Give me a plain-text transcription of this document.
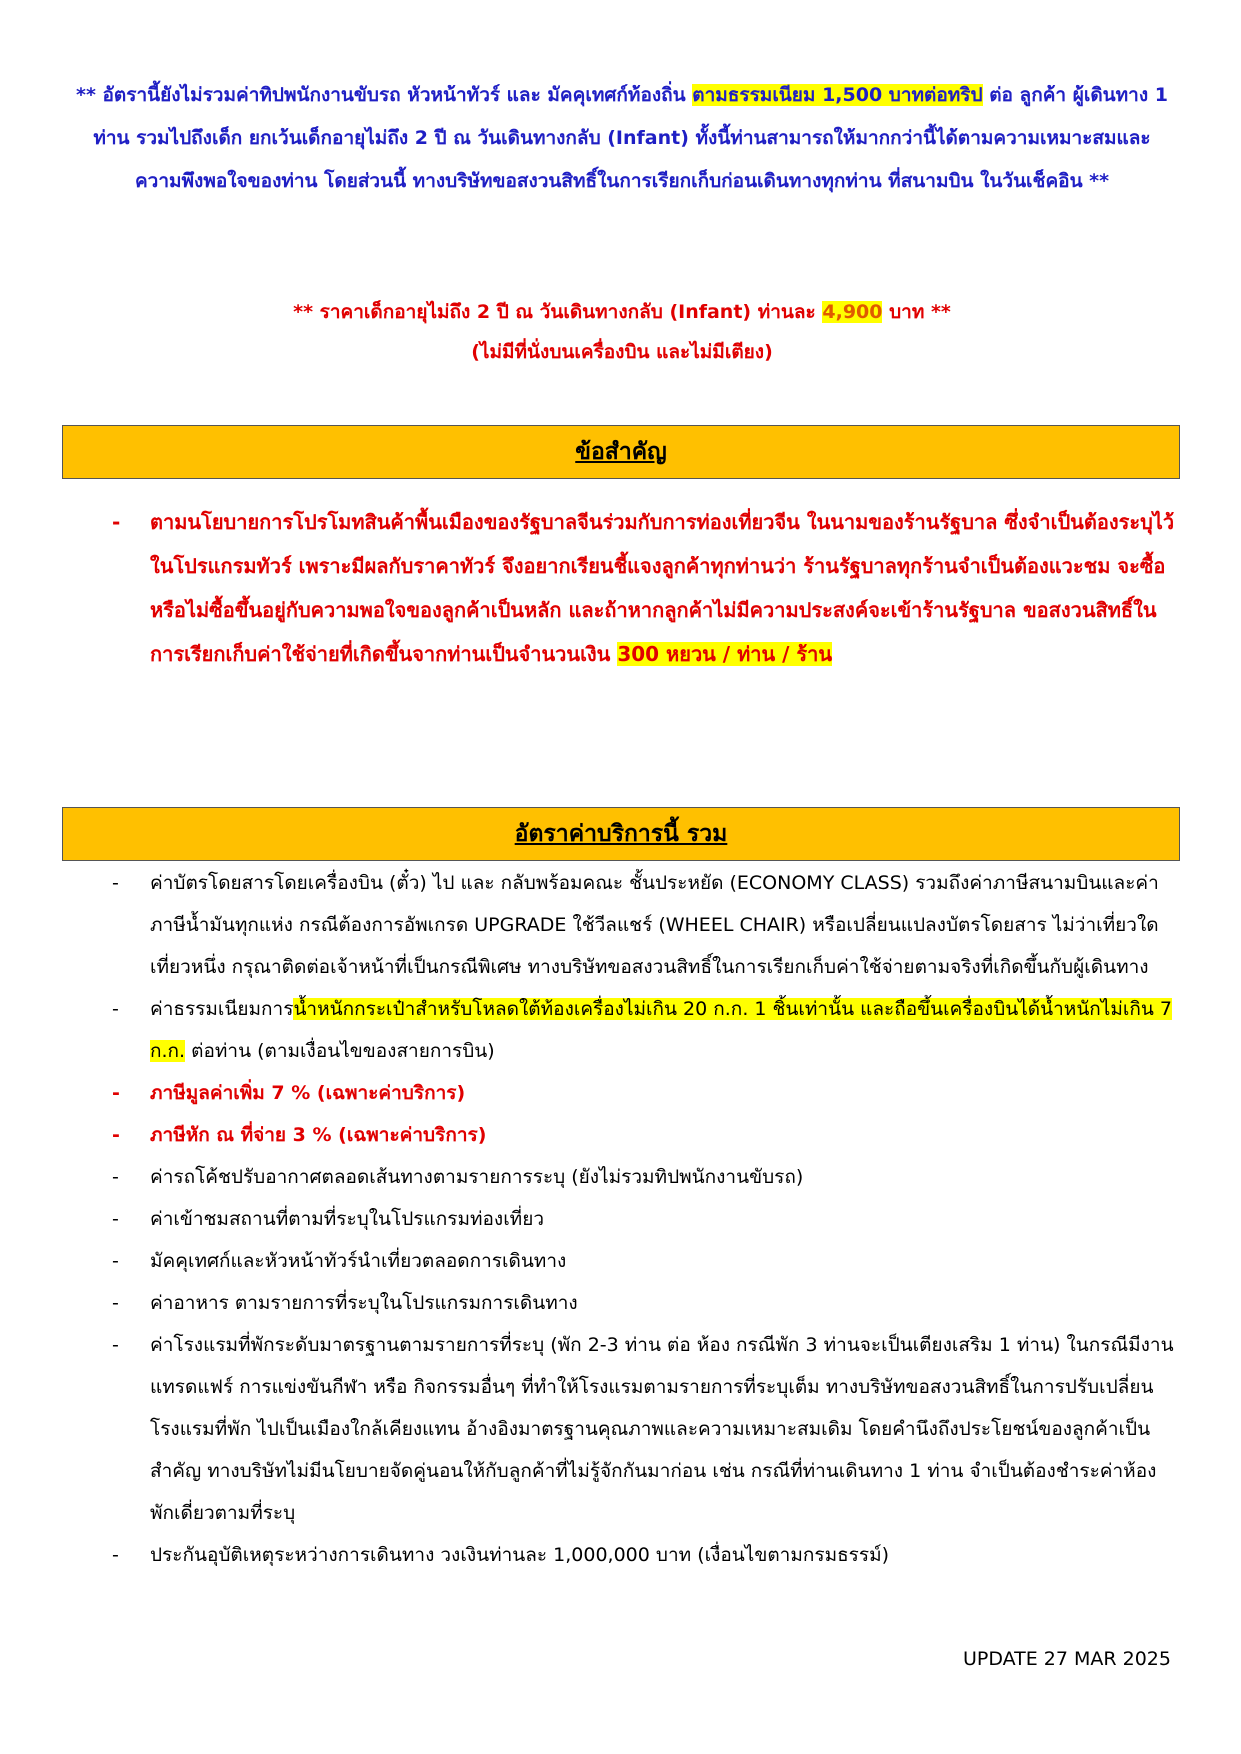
** อัตรานี้ยังไม่รวมค่าทิปพนักงานขับรถ หัวหน้าทัวร์ และ มัคคุเทศก์ท้องถิ่น ตามธรรมเนียม 1,500 บาทต่อทริป ต่อ ลูกค้า ผู้เดินทาง 1 ท่าน รวมไปถึงเด็ก ยกเว้นเด็กอายุไม่ถึง 2 ปี ณ วันเดินทางกลับ (Infant) ทั้งนี้ท่านสามารถให้มากกว่านี้ได้ตามความเหมาะสมและความพึงพอใจของท่าน โดยส่วนนี้ ทางบริษัทขอสงวนสิทธิ์ในการเรียกเก็บก่อนเดินทางทุกท่าน ที่สนามบิน ในวันเช็คอิน **
** ราคาเด็กอายุไม่ถึง 2 ปี ณ วันเดินทางกลับ (Infant) ท่านละ 4,900 บาท **
(ไม่มีที่นั่งบนเครื่องบิน และไม่มีเตียง)
ข้อสำคัญ
- ตามนโยบายการโปรโมทสินค้าพื้นเมืองของรัฐบาลจีนร่วมกับการท่องเที่ยวจีน ในนามของร้านรัฐบาล ซึ่งจำเป็นต้องระบุไว้ในโปรแกรมทัวร์ เพราะมีผลกับราคาทัวร์ จึงอยากเรียนชี้แจงลูกค้าทุกท่านว่า ร้านรัฐบาลทุกร้านจำเป็นต้องแวะชม จะซื้อหรือไม่ซื้อขึ้นอยู่กับความพอใจของลูกค้าเป็นหลัก และถ้าหากลูกค้าไม่มีความประสงค์จะเข้าร้านรัฐบาล ขอสงวนสิทธิ์ในการเรียกเก็บค่าใช้จ่ายที่เกิดขึ้นจากท่านเป็นจำนวนเงิน 300 หยวน / ท่าน / ร้าน
อัตราค่าบริการนี้ รวม
- ค่าบัตรโดยสารโดยเครื่องบิน (ตั๋ว) ไป และ กลับพร้อมคณะ ชั้นประหยัด (ECONOMY CLASS) รวมถึงค่าภาษีสนามบินและค่าภาษีน้ำมันทุกแห่ง กรณีต้องการอัพเกรด UPGRADE ใช้วีลแชร์ (WHEEL CHAIR) หรือเปลี่ยนแปลงบัตรโดยสาร ไม่ว่าเที่ยวใด เที่ยวหนึ่ง กรุณาติดต่อเจ้าหน้าที่เป็นกรณีพิเศษ ทางบริษัทขอสงวนสิทธิ์ในการเรียกเก็บค่าใช้จ่ายตามจริงที่เกิดขึ้นกับผู้เดินทาง
- ค่าธรรมเนียมการน้ำหนักกระเป๋าสำหรับโหลดใต้ท้องเครื่องไม่เกิน 20 ก.ก. 1 ชิ้นเท่านั้น และถือขึ้นเครื่องบินได้น้ำหนักไม่เกิน 7 ก.ก. ต่อท่าน (ตามเงื่อนไขของสายการบิน)
- ภาษีมูลค่าเพิ่ม 7 % (เฉพาะค่าบริการ)
- ภาษีหัก ณ ที่จ่าย 3 % (เฉพาะค่าบริการ)
- ค่ารถโค้ชปรับอากาศตลอดเส้นทางตามรายการระบุ (ยังไม่รวมทิปพนักงานขับรถ)
- ค่าเข้าชมสถานที่ตามที่ระบุในโปรแกรมท่องเที่ยว
- มัคคุเทศก์และหัวหน้าทัวร์นำเที่ยวตลอดการเดินทาง
- ค่าอาหาร ตามรายการที่ระบุในโปรแกรมการเดินทาง
- ค่าโรงแรมที่พักระดับมาตรฐานตามรายการที่ระบุ (พัก 2-3 ท่าน ต่อ ห้อง กรณีพัก 3 ท่านจะเป็นเตียงเสริม 1 ท่าน) ในกรณีมีงานแทรดแฟร์ การแข่งขันกีฬา หรือ กิจกรรมอื่นๆ ที่ทำให้โรงแรมตามรายการที่ระบุเต็ม ทางบริษัทขอสงวนสิทธิ์ในการปรับเปลี่ยนโรงแรมที่พัก ไปเป็นเมืองใกล้เคียงแทน อ้างอิงมาตรฐานคุณภาพและความเหมาะสมเดิม โดยคำนึงถึงประโยชน์ของลูกค้าเป็นสำคัญ ทางบริษัทไม่มีนโยบายจัดคู่นอนให้กับลูกค้าที่ไม่รู้จักกันมาก่อน เช่น กรณีที่ท่านเดินทาง 1 ท่าน จำเป็นต้องชำระค่าห้องพักเดี่ยวตามที่ระบุ
- ประกันอุบัติเหตุระหว่างการเดินทาง วงเงินท่านละ 1,000,000 บาท (เงื่อนไขตามกรมธรรม์)
UPDATE 27 MAR 2025
